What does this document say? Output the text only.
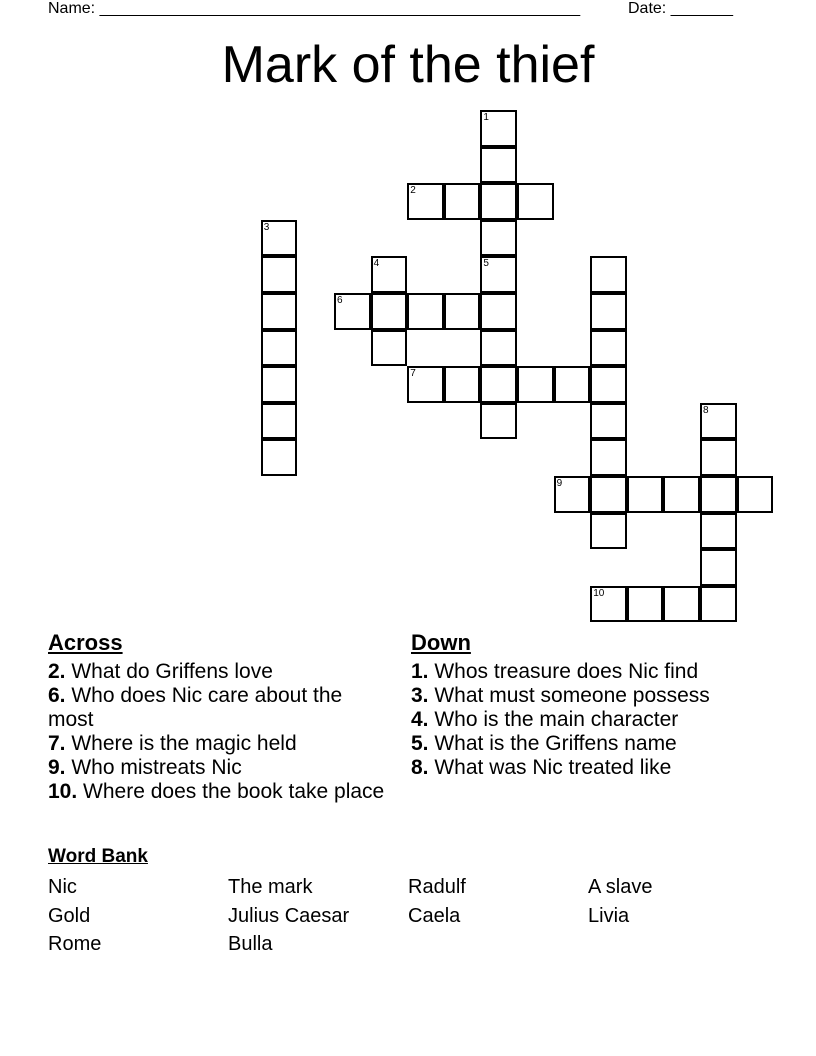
Name: ______________________________________________________	Date: _______
Mark of the thief
1
2
3
4	5
6
7
8
9
10
Across

2. What do Griffens love

6. Who does Nic care about the most

7. Where is the magic held

9. Who mistreats Nic

10. Where does the book take place

Down

1. Whos treasure does Nic find

3. What must someone possess

4. Who is the main character

5. What is the Griffens name

8. What was Nic treated like

Word Bank
Nic	The mark	Radulf	A slave
Gold	Julius Caesar	Caela	Livia
Rome	Bulla
